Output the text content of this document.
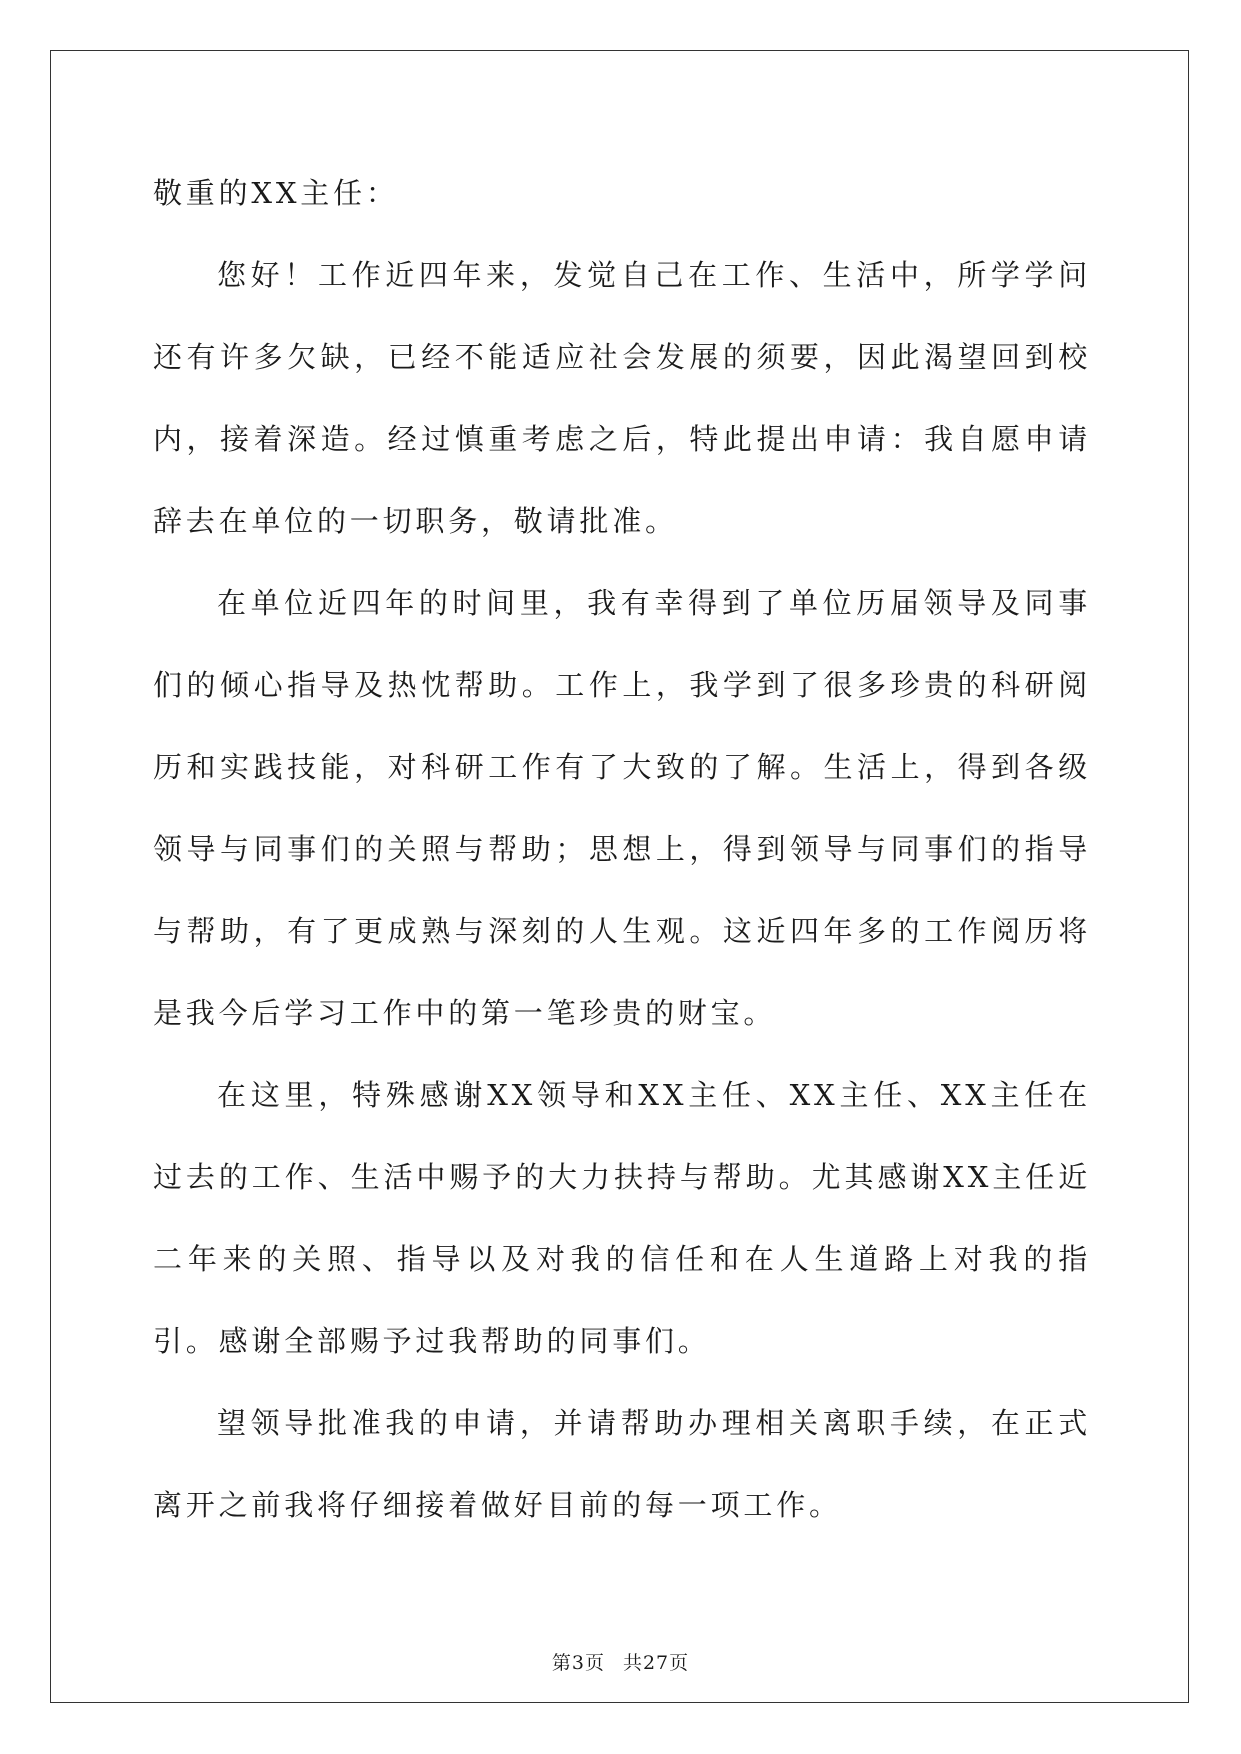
敬重的XX主任：

您好！工作近四年来，发觉自己在工作、生活中，所学学问还有许多欠缺，已经不能适应社会发展的须要，因此渴望回到校内，接着深造。经过慎重考虑之后，特此提出申请：我自愿申请辞去在单位的一切职务，敬请批准。

在单位近四年的时间里，我有幸得到了单位历届领导及同事们的倾心指导及热忱帮助。工作上，我学到了很多珍贵的科研阅历和实践技能，对科研工作有了大致的了解。生活上，得到各级领导与同事们的关照与帮助；思想上，得到领导与同事们的指导与帮助，有了更成熟与深刻的人生观。这近四年多的工作阅历将是我今后学习工作中的第一笔珍贵的财宝。

在这里，特殊感谢XX领导和XX主任、XX主任、XX主任在过去的工作、生活中赐予的大力扶持与帮助。尤其感谢XX主任近二年来的关照、指导以及对我的信任和在人生道路上对我的指引。感谢全部赐予过我帮助的同事们。

望领导批准我的申请，并请帮助办理相关离职手续，在正式离开之前我将仔细接着做好目前的每一项工作。

第3页 共27页
